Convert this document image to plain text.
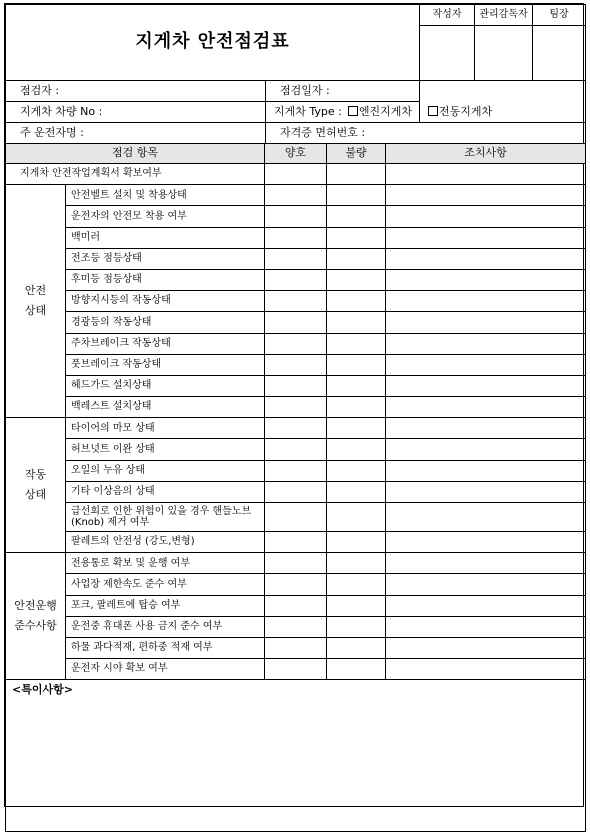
지게차 안전점검표	작성자	관리감독자	팀장

점검자 :	점검일자 :	
지게차 차량 No :	지게차 Type : 엔진지게차 전동지게차	
주 운전자명 :	자격증 면허번호 :	
점검 항목		양호	불량	조치사항
지게차 안전작업계획서 확보여부				
안전
상태	안전벨트 설치 및 착용상태			
	운전자의 안전모 착용 여부			
	백미러			
	전조등 점등상태			
	후미등 점등상태			
	방향지시등의 작동상태			
	경광등의 작동상태			
	주차브레이크 작동상태			
	풋브레이크 작동상태			
	헤드가드 설치상태			
	백레스트 설치상태			
작동
상태	타이어의 마모 상태			
	허브넛트 이완 상태			
	오일의 누유 상태			
	기타 이상음의 상태			
	급선회로 인한 위험이 있을 경우 핸들노브(Knob) 제거 여부			
	팔레트의 안전성 (강도,변형)			
안전운행
준수사항	전용통로 확보 및 운행 여부			
	사업장 제한속도 준수 여부			
	포크, 팔레트에 탑승 여부			
	운전중 휴대폰 사용 금지 준수 여부			
	하물 과다적재, 편하중 적재 여부			
	운전자 시야 확보 여부			
<특이사항>				
